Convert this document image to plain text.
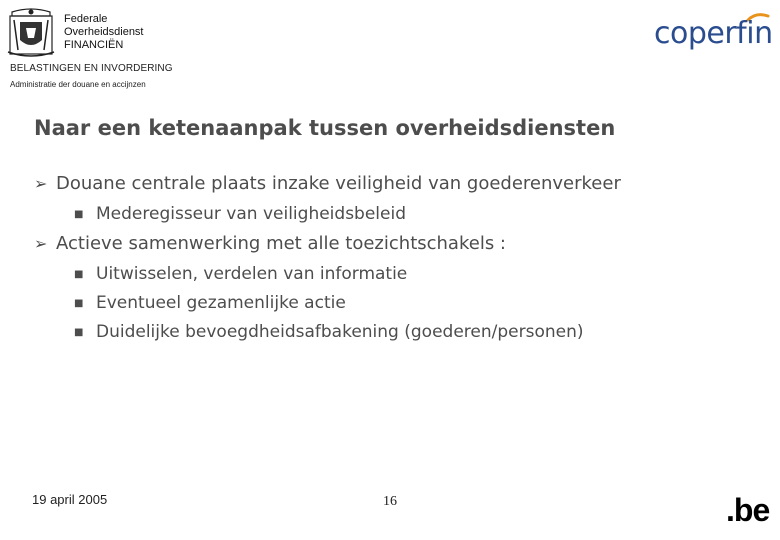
Federale
Overheidsdienst
FINANCIËN
BELASTINGEN EN INVORDERING
Administratie der douane en accijnzen
coperfin
Naar een ketenaanpak tussen overheidsdiensten
➢ Douane centrale plaats inzake veiligheid van goederenverkeer
■ Mederegisseur van veiligheidsbeleid
➢ Actieve samenwerking met alle toezichtschakels :
■ Uitwisselen, verdelen van informatie
■ Eventueel gezamenlijke actie
■ Duidelijke bevoegdheidsafbakening (goederen/personen)
19 april 2005	16	.be
